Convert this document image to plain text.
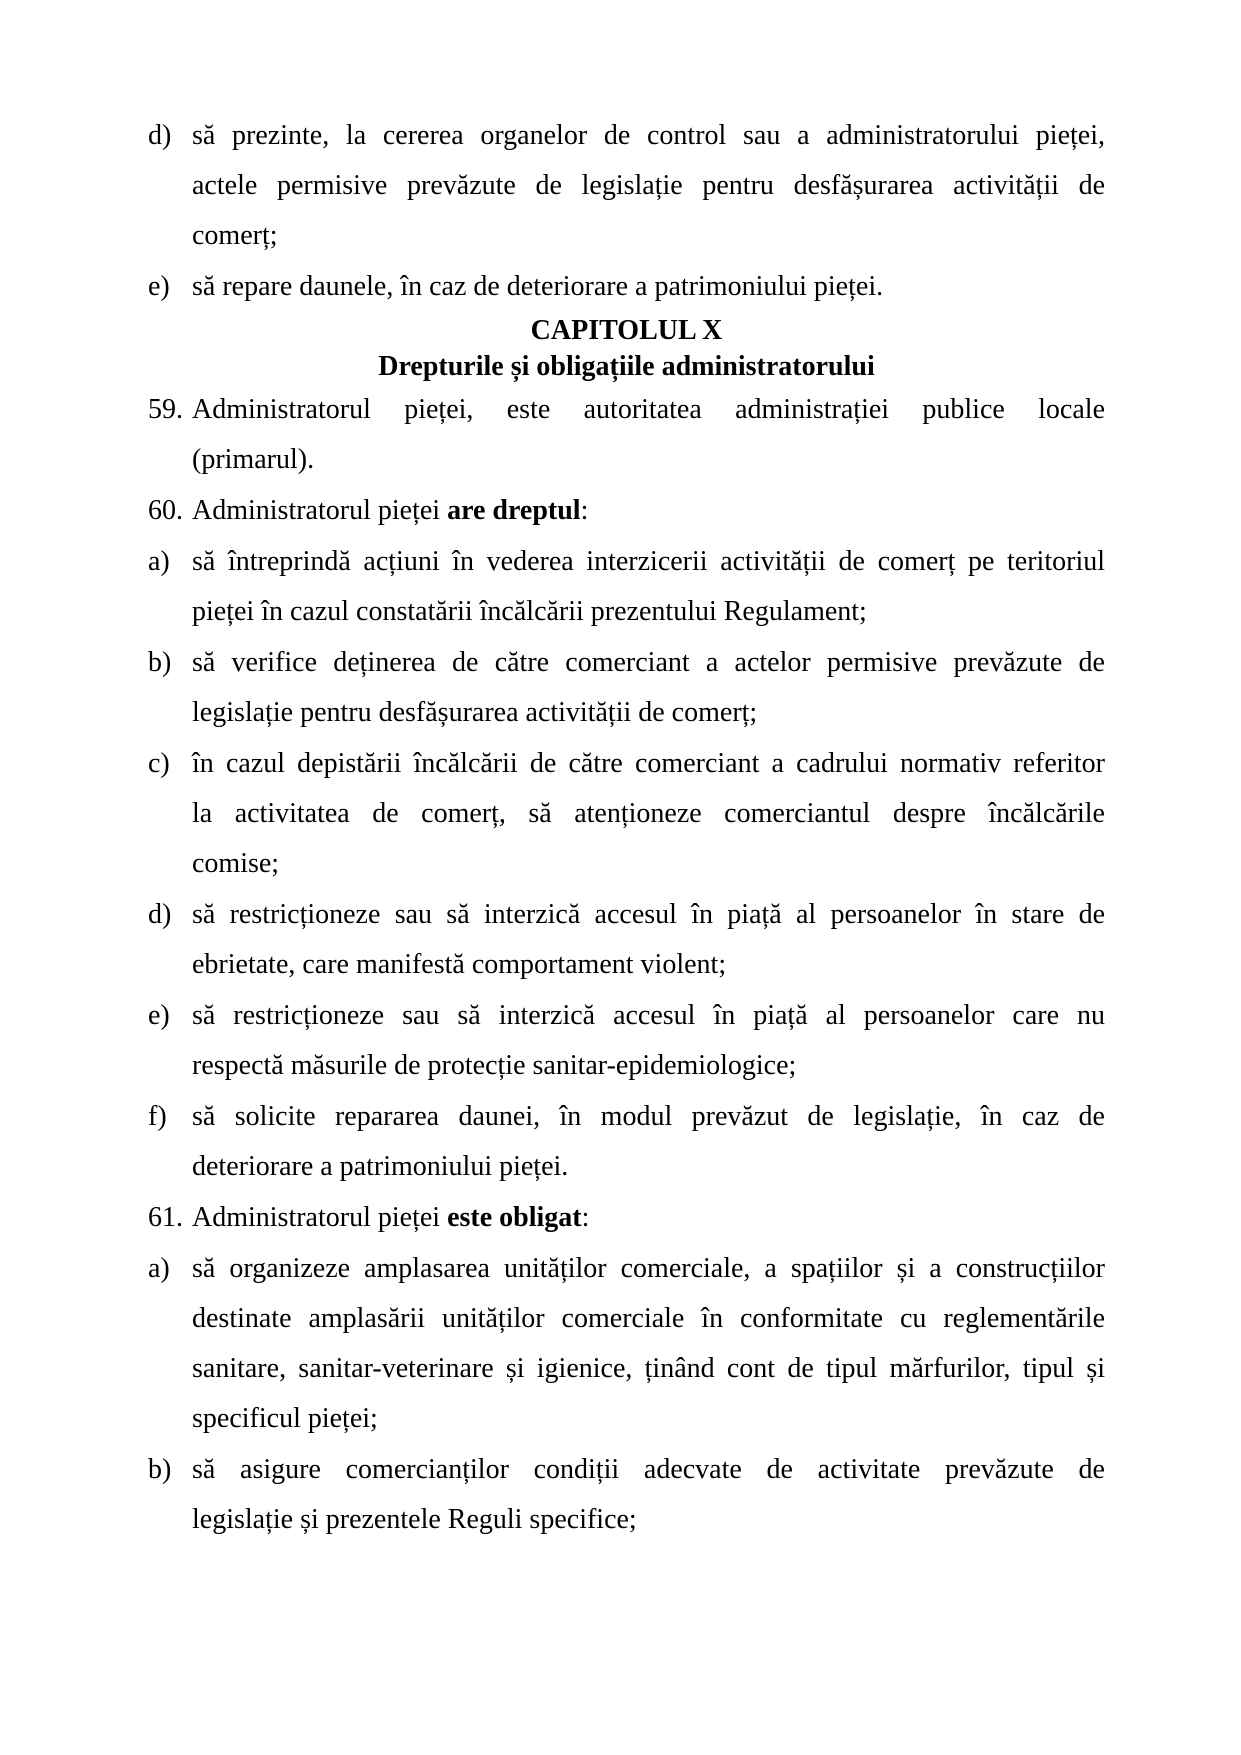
d) să prezinte, la cererea organelor de control sau a administratorului pieței,
actele permisive prevăzute de legislație pentru desfășurarea activității de
comerț;
e) să repare daunele, în caz de deteriorare a patrimoniului pieței.
CAPITOLUL X
Drepturile și obligațiile administratorului
59. Administratorul pieței, este autoritatea administrației publice locale
(primarul).
60. Administratorul pieței are dreptul:
a) să întreprindă acțiuni în vederea interzicerii activității de comerț pe teritoriul
pieței în cazul constatării încălcării prezentului Regulament;
b) să verifice deținerea de către comerciant a actelor permisive prevăzute de
legislație pentru desfășurarea activității de comerț;
c) în cazul depistării încălcării de către comerciant a cadrului normativ referitor
la activitatea de comerț, să atenționeze comerciantul despre încălcările
comise;
d) să restricționeze sau să interzică accesul în piață al persoanelor în stare de
ebrietate, care manifestă comportament violent;
e) să restricționeze sau să interzică accesul în piață al persoanelor care nu
respectă măsurile de protecție sanitar-epidemiologice;
f) să solicite repararea daunei, în modul prevăzut de legislație, în caz de
deteriorare a patrimoniului pieței.
61. Administratorul pieței este obligat:
a) să organizeze amplasarea unităților comerciale, a spațiilor și a construcțiilor
destinate amplasării unităților comerciale în conformitate cu reglementările
sanitare, sanitar-veterinare și igienice, ținând cont de tipul mărfurilor, tipul și
specificul pieței;
b) să asigure comercianților condiții adecvate de activitate prevăzute de
legislație și prezentele Reguli specifice;
